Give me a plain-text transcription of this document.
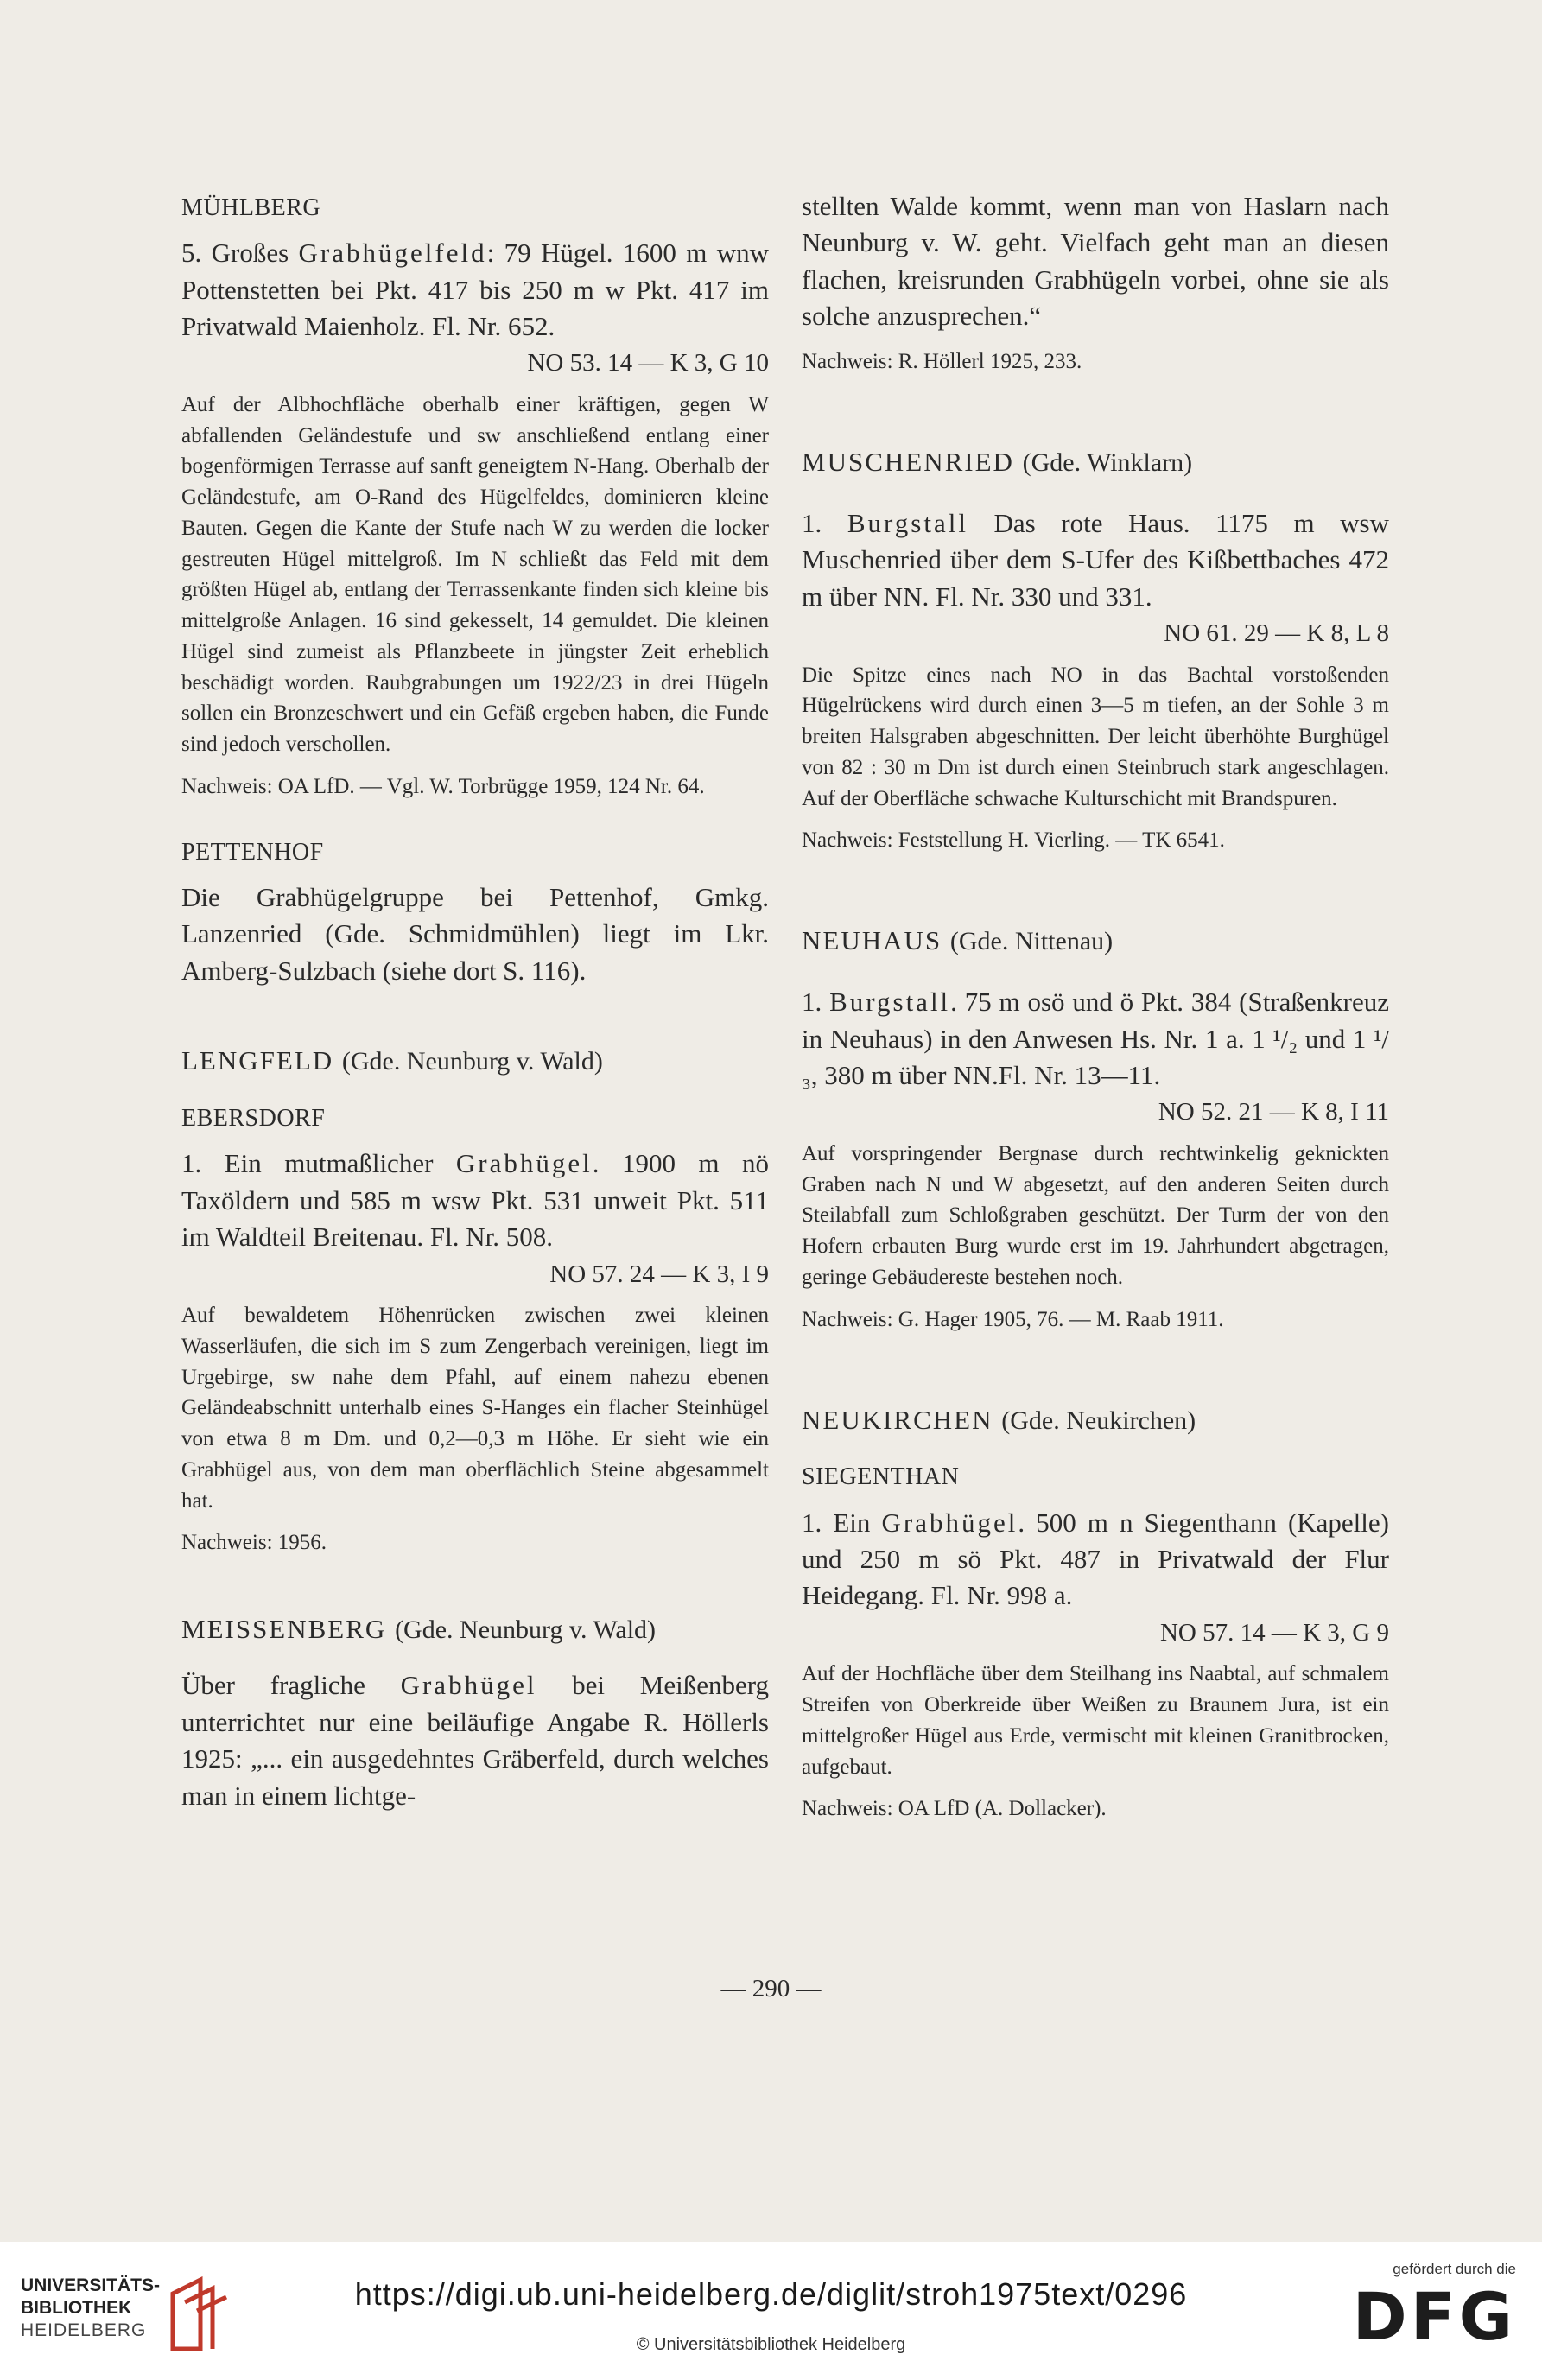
MÜHLBERG

5. Großes Grabhügelfeld: 79 Hügel. 1600 m wnw Pottenstetten bei Pkt. 417 bis 250 m w Pkt. 417 im Privatwald Maienholz. Fl. Nr. 652.

NO 53. 14 — K 3, G 10

Auf der Albhochfläche oberhalb einer kräftigen, gegen W abfallenden Geländestufe und sw anschließend entlang einer bogenförmigen Terrasse auf sanft geneigtem N-Hang. Oberhalb der Geländestufe, am O-Rand des Hügelfeldes, dominieren kleine Bauten. Gegen die Kante der Stufe nach W zu werden die locker gestreuten Hügel mittelgroß. Im N schließt das Feld mit dem größten Hügel ab, entlang der Terrassenkante finden sich kleine bis mittelgroße Anlagen. 16 sind gekesselt, 14 gemuldet. Die kleinen Hügel sind zumeist als Pflanzbeete in jüngster Zeit erheblich beschädigt worden. Raubgrabungen um 1922/23 in drei Hügeln sollen ein Bronzeschwert und ein Gefäß ergeben haben, die Funde sind jedoch verschollen.

Nachweis: OA LfD. — Vgl. W. Torbrügge 1959, 124 Nr. 64.

PETTENHOF

Die Grabhügelgruppe bei Pettenhof, Gmkg. Lanzenried (Gde. Schmidmühlen) liegt im Lkr. Amberg-Sulzbach (siehe dort S. 116).

LENGFELD (Gde. Neunburg v. Wald)
EBERSDORF

1. Ein mutmaßlicher Grabhügel. 1900 m nö Taxöldern und 585 m wsw Pkt. 531 unweit Pkt. 511 im Waldteil Breitenau. Fl. Nr. 508.

NO 57. 24 — K 3, I 9

Auf bewaldetem Höhenrücken zwischen zwei kleinen Wasserläufen, die sich im S zum Zengerbach vereinigen, liegt im Urgebirge, sw nahe dem Pfahl, auf einem nahezu ebenen Geländeabschnitt unterhalb eines S-Hanges ein flacher Steinhügel von etwa 8 m Dm. und 0,2—0,3 m Höhe. Er sieht wie ein Grabhügel aus, von dem man oberflächlich Steine abgesammelt hat.

Nachweis: 1956.

MEISSENBERG (Gde. Neunburg v. Wald)

Über fragliche Grabhügel bei Meißenberg unterrichtet nur eine beiläufige Angabe R. Höllerls 1925: „... ein ausgedehntes Gräberfeld, durch welches man in einem lichtge-

stellten Walde kommt, wenn man von Haslarn nach Neunburg v. W. geht. Vielfach geht man an diesen flachen, kreisrunden Grabhügeln vorbei, ohne sie als solche anzusprechen.“

Nachweis: R. Höllerl 1925, 233.

MUSCHENRIED (Gde. Winklarn)

1. Burgstall Das rote Haus. 1175 m wsw Muschenried über dem S-Ufer des Kißbettbaches 472 m über NN. Fl. Nr. 330 und 331.

NO 61. 29 — K 8, L 8

Die Spitze eines nach NO in das Bachtal vorstoßenden Hügelrückens wird durch einen 3—5 m tiefen, an der Sohle 3 m breiten Halsgraben abgeschnitten. Der leicht überhöhte Burghügel von 82 : 30 m Dm ist durch einen Steinbruch stark angeschlagen. Auf der Oberfläche schwache Kulturschicht mit Brandspuren.

Nachweis: Feststellung H. Vierling. — TK 6541.

NEUHAUS (Gde. Nittenau)

1. Burgstall. 75 m osö und ö Pkt. 384 (Straßenkreuz in Neuhaus) in den Anwesen Hs. Nr. 1 a. 1 ¹/₂ und 1 ¹/₃, 380 m über NN.Fl. Nr. 13—11.

NO 52. 21 — K 8, I 11

Auf vorspringender Bergnase durch rechtwinkelig geknickten Graben nach N und W abgesetzt, auf den anderen Seiten durch Steilabfall zum Schloßgraben geschützt. Der Turm der von den Hofern erbauten Burg wurde erst im 19. Jahrhundert abgetragen, geringe Gebäudereste bestehen noch.

Nachweis: G. Hager 1905, 76. — M. Raab 1911.

NEUKIRCHEN (Gde. Neukirchen)
SIEGENTHAN

1. Ein Grabhügel. 500 m n Siegenthann (Kapelle) und 250 m sö Pkt. 487 in Privatwald der Flur Heidegang. Fl. Nr. 998 a.

NO 57. 14 — K 3, G 9

Auf der Hochfläche über dem Steilhang ins Naabtal, auf schmalem Streifen von Oberkreide über Weißen zu Braunem Jura, ist ein mittelgroßer Hügel aus Erde, vermischt mit kleinen Granitbrocken, aufgebaut.

Nachweis: OA LfD (A. Dollacker).

— 290 —
UNIVERSITÄTS-
BIBLIOTHEK
HEIDELBERG
https://digi.ub.uni-heidelberg.de/diglit/stroh1975text/0296
© Universitätsbibliothek Heidelberg
gefördert durch die
DFG
